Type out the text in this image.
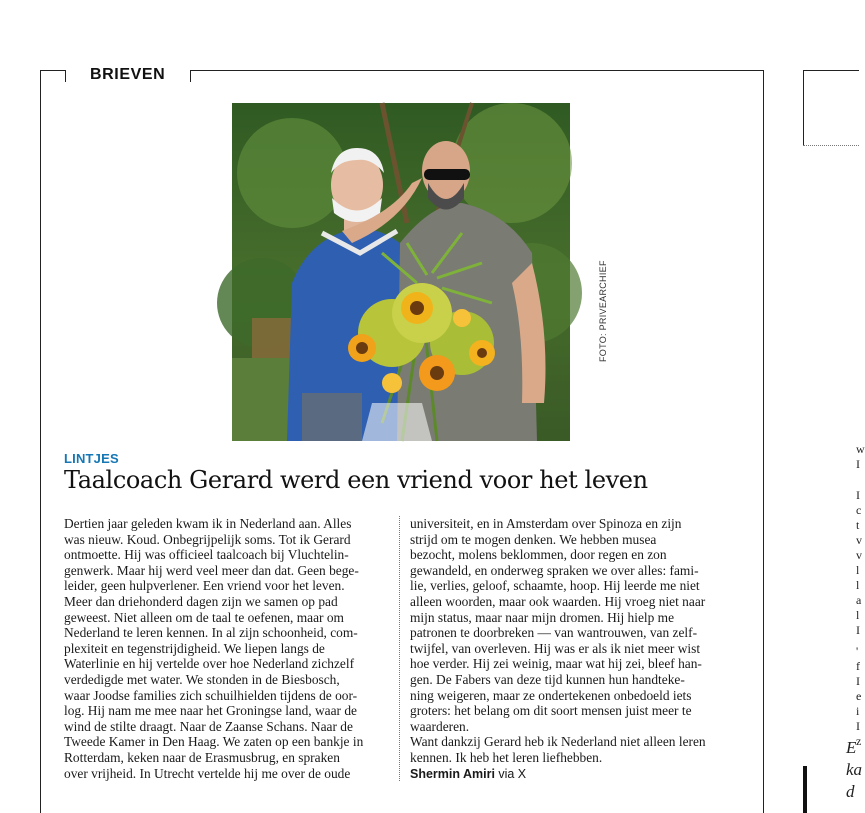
BRIEVEN
FOTO: PRIVEARCHIEF
LINTJES
Taalcoach Gerard werd een vriend voor het leven
Dertien jaar geleden kwam ik in Nederland aan. Alles
was nieuw. Koud. Onbegrijpelijk soms. Tot ik Gerard
ontmoette. Hij was officieel taalcoach bij Vluchtelin-
genwerk. Maar hij werd veel meer dan dat. Geen bege-
leider, geen hulpverlener. Een vriend voor het leven.
Meer dan driehonderd dagen zijn we samen op pad
geweest. Niet alleen om de taal te oefenen, maar om
Nederland te leren kennen. In al zijn schoonheid, com-
plexiteit en tegenstrijdigheid. We liepen langs de
Waterlinie en hij vertelde over hoe Nederland zichzelf
verdedigde met water. We stonden in de Biesbosch,
waar Joodse families zich schuilhielden tijdens de oor-
log. Hij nam me mee naar het Groningse land, waar de
wind de stilte draagt. Naar de Zaanse Schans. Naar de
Tweede Kamer in Den Haag. We zaten op een bankje in
Rotterdam, keken naar de Erasmusbrug, en spraken
over vrijheid. In Utrecht vertelde hij me over de oude
universiteit, en in Amsterdam over Spinoza en zijn
strijd om te mogen denken. We hebben musea
bezocht, molens beklommen, door regen en zon
gewandeld, en onderweg spraken we over alles: fami-
lie, verlies, geloof, schaamte, hoop. Hij leerde me niet
alleen woorden, maar ook waarden. Hij vroeg niet naar
mijn status, maar naar mijn dromen. Hij hielp me
patronen te doorbreken — van wantrouwen, van zelf-
twijfel, van overleven. Hij was er als ik niet meer wist
hoe verder. Hij zei weinig, maar wat hij zei, bleef han-
gen. De Fabers van deze tijd kunnen hun handteke-
ning weigeren, maar ze ondertekenen onbedoeld iets
groters: het belang om dit soort mensen juist meer te
waarderen.
Want dankzij Gerard heb ik Nederland niet alleen leren
kennen. Ik heb het leren liefhebben.
Shermin Amiri via X
w
I
I
c
t
v
v
l
l
a
l
I
'
f
I
e
i
I
z
E
ka
d
